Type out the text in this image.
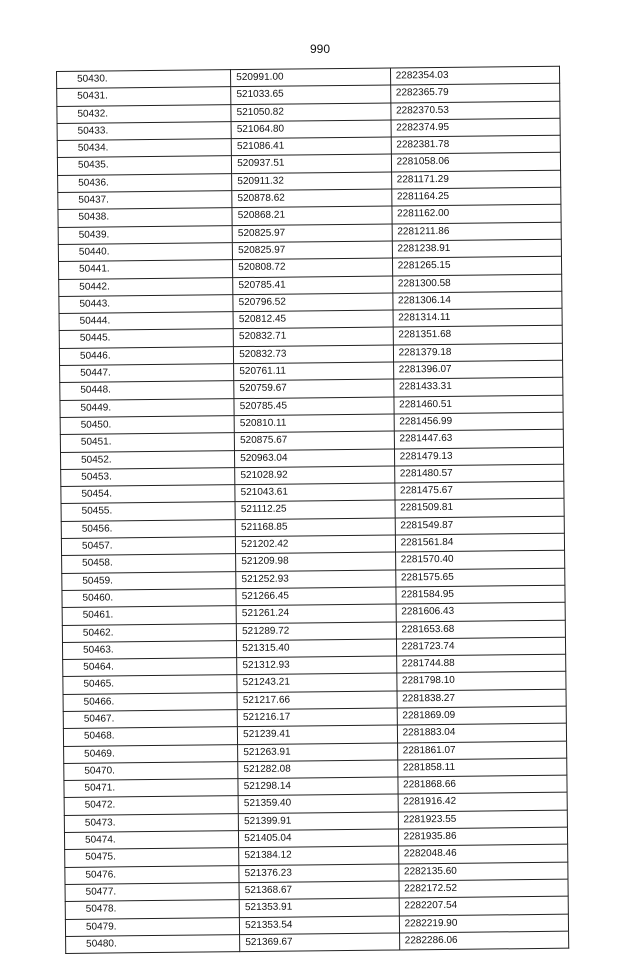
990
50430.	520991.00	2282354.03
50431.	521033.65	2282365.79
50432.	521050.82	2282370.53
50433.	521064.80	2282374.95
50434.	521086.41	2282381.78
50435.	520937.51	2281058.06
50436.	520911.32	2281171.29
50437.	520878.62	2281164.25
50438.	520868.21	2281162.00
50439.	520825.97	2281211.86
50440.	520825.97	2281238.91
50441.	520808.72	2281265.15
50442.	520785.41	2281300.58
50443.	520796.52	2281306.14
50444.	520812.45	2281314.11
50445.	520832.71	2281351.68
50446.	520832.73	2281379.18
50447.	520761.11	2281396.07
50448.	520759.67	2281433.31
50449.	520785.45	2281460.51
50450.	520810.11	2281456.99
50451.	520875.67	2281447.63
50452.	520963.04	2281479.13
50453.	521028.92	2281480.57
50454.	521043.61	2281475.67
50455.	521112.25	2281509.81
50456.	521168.85	2281549.87
50457.	521202.42	2281561.84
50458.	521209.98	2281570.40
50459.	521252.93	2281575.65
50460.	521266.45	2281584.95
50461.	521261.24	2281606.43
50462.	521289.72	2281653.68
50463.	521315.40	2281723.74
50464.	521312.93	2281744.88
50465.	521243.21	2281798.10
50466.	521217.66	2281838.27
50467.	521216.17	2281869.09
50468.	521239.41	2281883.04
50469.	521263.91	2281861.07
50470.	521282.08	2281858.11
50471.	521298.14	2281868.66
50472.	521359.40	2281916.42
50473.	521399.91	2281923.55
50474.	521405.04	2281935.86
50475.	521384.12	2282048.46
50476.	521376.23	2282135.60
50477.	521368.67	2282172.52
50478.	521353.91	2282207.54
50479.	521353.54	2282219.90
50480.	521369.67	2282286.06
